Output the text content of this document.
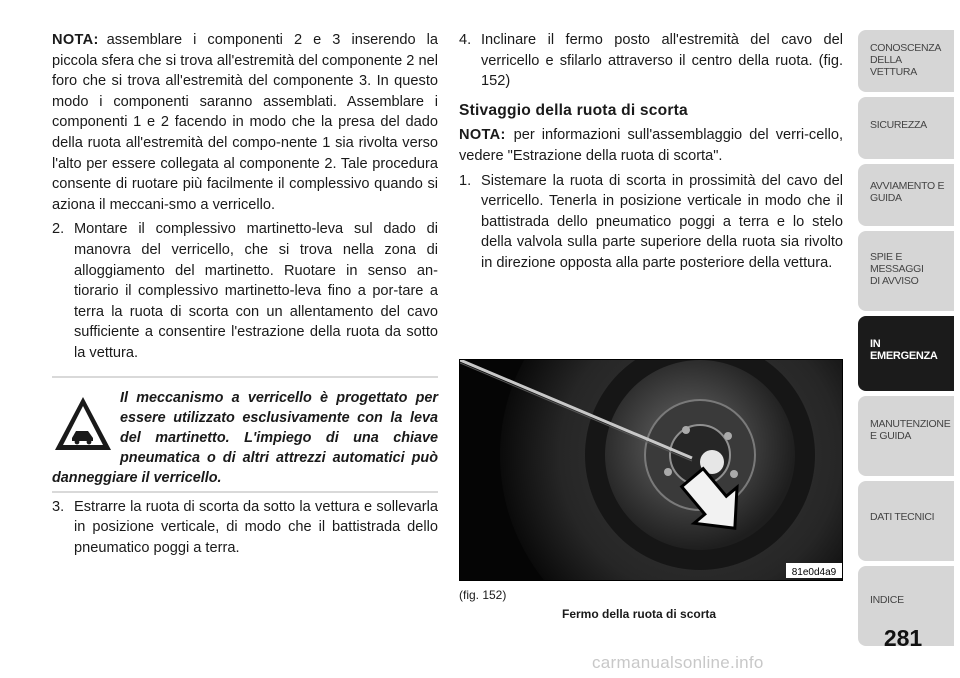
NOTA: assemblare i componenti 2 e 3 inserendo la piccola sfera che si trova all'estremità del componente 2 nel foro che si trova all'estremità del componente 3. In questo modo i componenti saranno assemblati. Assemblare i componenti 1 e 2 facendo in modo che la presa del dado della ruota all'estremità del compo-nente 1 sia rivolta verso l'alto per essere collegata al componente 2. Tale procedura consente di ruotare più facilmente il complessivo quando si aziona il meccani-smo a verricello.

2. Montare il complessivo martinetto-leva sul dado di manovra del verricello, che si trova nella zona di alloggiamento del martinetto. Ruotare in senso an-tiorario il complessivo martinetto-leva fino a por-tare a terra la ruota di scorta con un allentamento del cavo sufficiente a consentire l'estrazione della ruota da sotto la vettura.
Il meccanismo a verricello è progettato per essere utilizzato esclusivamente con la leva del martinetto. L'impiego di una chiave pneumatica o di altri attrezzi automatici può danneggiare il verricello.
3. Estrarre la ruota di scorta da sotto la vettura e sollevarla in posizione verticale, di modo che il battistrada dello pneumatico poggi a terra.
4. Inclinare il fermo posto all'estremità del cavo del verricello e sfilarlo attraverso il centro della ruota. (fig. 152)
Stivaggio della ruota di scorta

NOTA: per informazioni sull'assemblaggio del verri-cello, vedere "Estrazione della ruota di scorta".

1. Sistemare la ruota di scorta in prossimità del cavo del verricello. Tenerla in posizione verticale in modo che il battistrada dello pneumatico poggi a terra e lo stelo della valvola sulla parte superiore della ruota sia rivolto in direzione opposta alla parte posteriore della vettura.
81e0d4a9
(fig. 152)
Fermo della ruota di scorta
CONOSCENZA
DELLA VETTURA
SICUREZZA
AVVIAMENTO E
GUIDA
SPIE E
MESSAGGI
DI AVVISO
IN
EMERGENZA
MANUTENZIONE
E GUIDA
DATI TECNICI
INDICE
281
carmanualsonline.info
